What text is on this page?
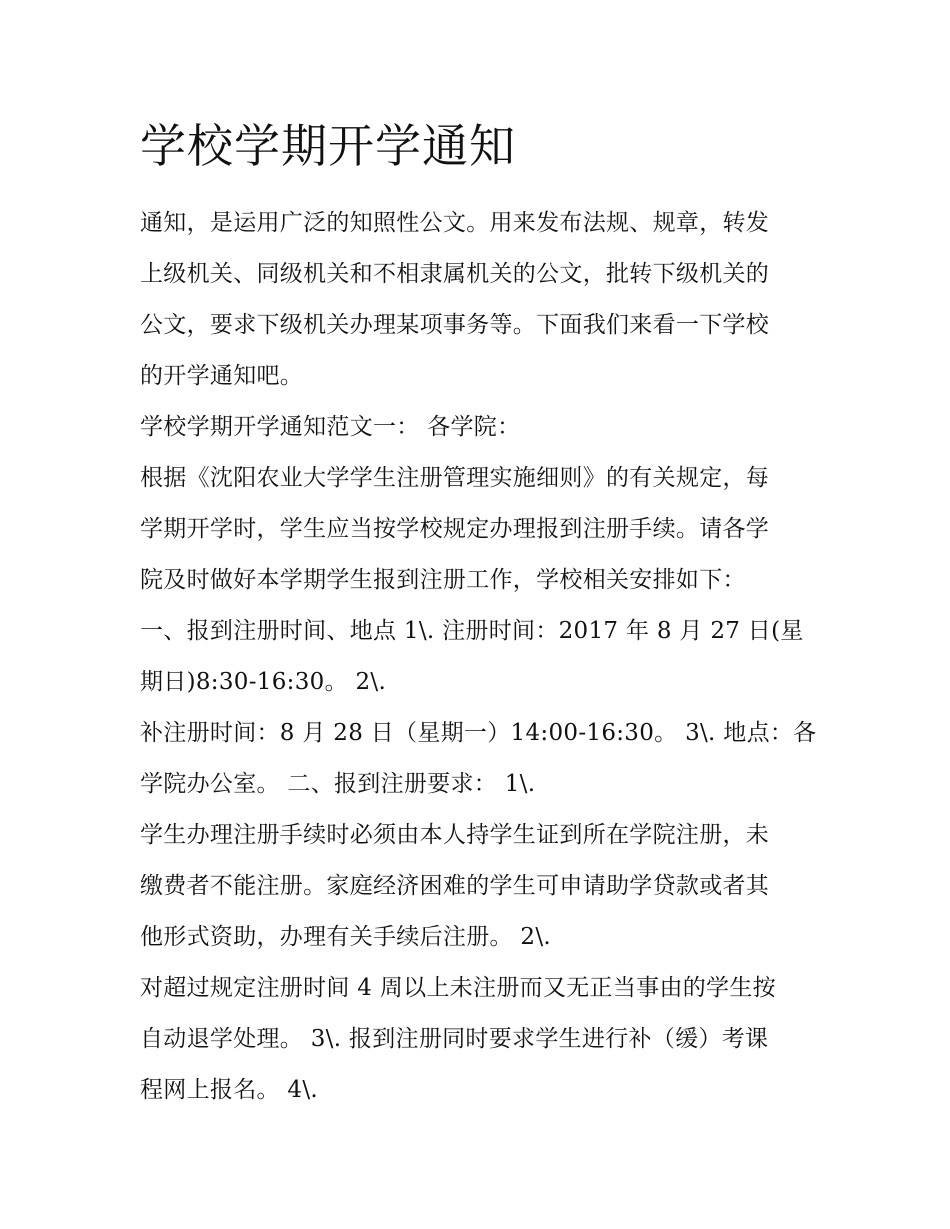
学校学期开学通知

通知，是运用广泛的知照性公文。用来发布法规、规章，转发

上级机关、同级机关和不相隶属机关的公文，批转下级机关的

公文，要求下级机关办理某项事务等。下面我们来看一下学校

的开学通知吧。

学校学期开学通知范文一： 各学院：

根据《沈阳农业大学学生注册管理实施细则》的有关规定，每

学期开学时，学生应当按学校规定办理报到注册手续。请各学

院及时做好本学期学生报到注册工作，学校相关安排如下：

一、报到注册时间、地点 1\. 注册时间：2017 年 8 月 27 日(星

期日)8:30-16:30。 2\.

补注册时间：8 月 28 日（星期一）14:00-16:30。 3\. 地点：各

学院办公室。 二、报到注册要求： 1\.

学生办理注册手续时必须由本人持学生证到所在学院注册，未

缴费者不能注册。家庭经济困难的学生可申请助学贷款或者其

他形式资助，办理有关手续后注册。 2\.

对超过规定注册时间 4 周以上未注册而又无正当事由的学生按

自动退学处理。 3\. 报到注册同时要求学生进行补（缓）考课

程网上报名。 4\.
